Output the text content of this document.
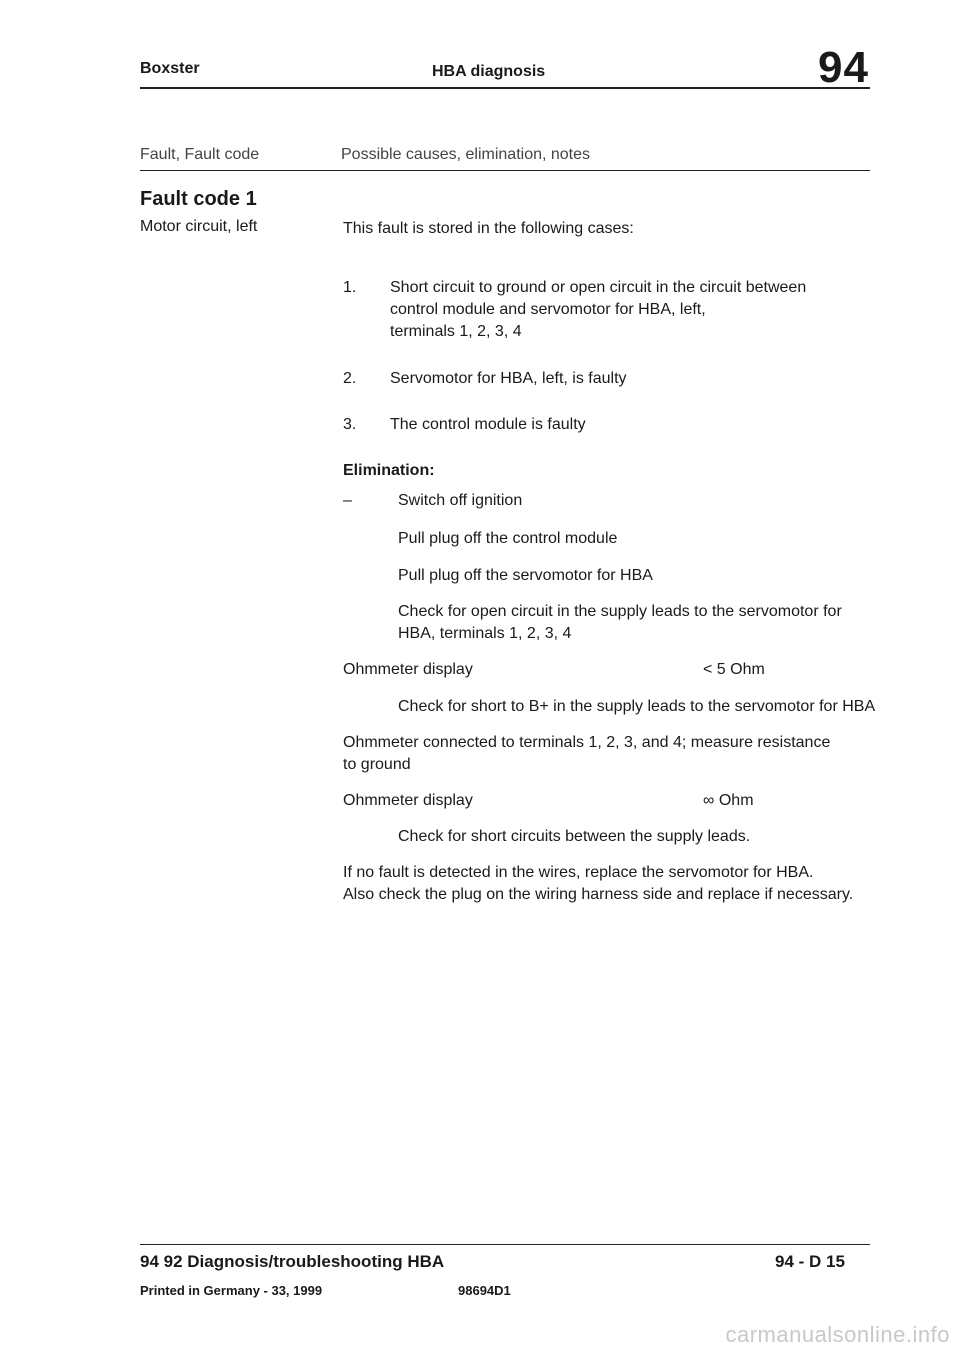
Boxster	HBA diagnosis	94
Fault, Fault code	Possible causes, elimination, notes
Fault code 1
Motor circuit, left	This fault is stored in the following cases:
1. Short circuit to ground or open circuit in the circuit between
control module and servomotor for HBA, left,
terminals 1, 2, 3, 4
2. Servomotor for HBA, left, is faulty
3. The control module is faulty
Elimination:
–	Switch off ignition
Pull plug off the control module
Pull plug off the servomotor for HBA
Check for open circuit in the supply leads to the servomotor for
HBA, terminals 1, 2, 3, 4
Ohmmeter display	< 5 Ohm
Check for short to B+ in the supply leads to the servomotor for HBA
Ohmmeter connected to terminals 1, 2, 3, and 4; measure resistance
to ground
Ohmmeter display	∞ Ohm
Check for short circuits between the supply leads.
If no fault is detected in the wires, replace the servomotor for HBA.
Also check the plug on the wiring harness side and replace if necessary.
94 92 Diagnosis/troubleshooting HBA	94 - D 15
Printed in Germany - 33, 1999	98694D1
carmanualsonline.info
